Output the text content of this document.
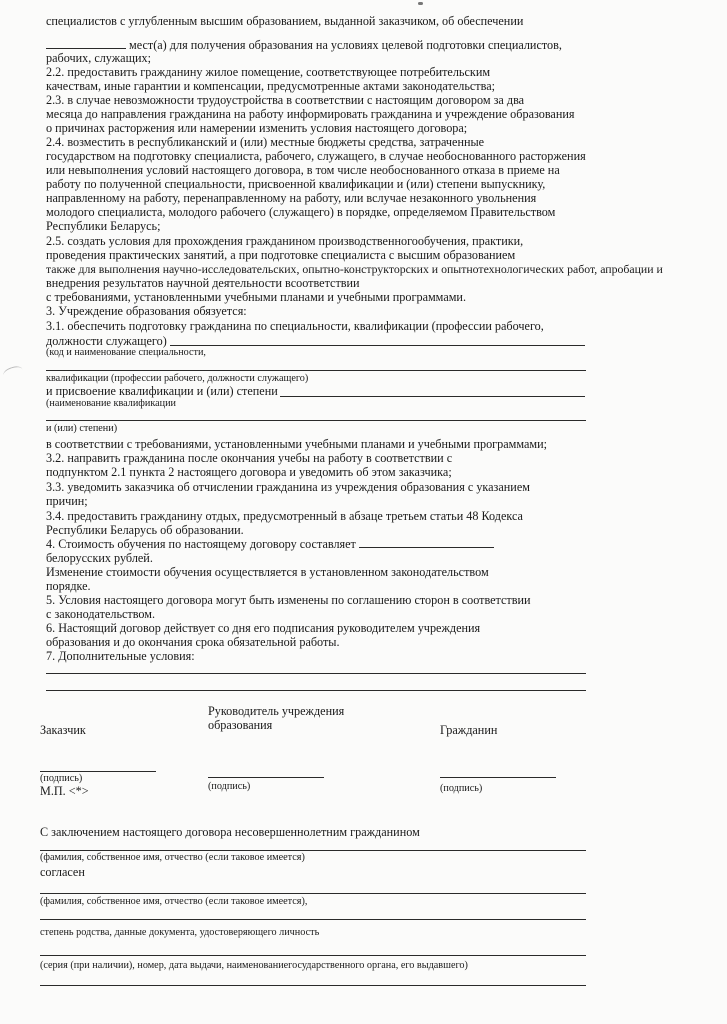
специалистов с углубленным высшим образованием, выданной заказчиком, об обеспечении
мест(а) для получения образования на условиях целевой подготовки специалистов,
рабочих, служащих;
2.2. предоставить гражданину жилое помещение, соответствующее потребительским
качествам, иные гарантии и компенсации, предусмотренные актами законодательства;
2.3. в случае невозможности трудоустройства в соответствии с настоящим договором за два
месяца до направления гражданина на работу информировать гражданина и учреждение образования
о причинах расторжения или намерении изменить условия настоящего договора;
2.4. возместить в республиканский и (или) местные бюджеты средства, затраченные
государством на подготовку специалиста, рабочего, служащего, в случае необоснованного расторжения
или невыполнения условий настоящего договора, в том числе необоснованного отказа в приеме на
работу по полученной специальности, присвоенной квалификации и (или) степени выпускнику,
направленному на работу, перенаправленному на работу, или вслучае незаконного увольнения
молодого специалиста, молодого рабочего (служащего) в порядке, определяемом Правительством
Республики Беларусь;
2.5. создать условия для прохождения гражданином производственногообучения, практики,
проведения практических занятий, а при подготовке специалиста с высшим образованием
также для выполнения научно-исследовательских, опытно-конструкторских и опытнотехнологических работ, апробации и
внедрения результатов научной деятельности всоответствии
с требованиями, установленными учебными планами и учебными программами.
3. Учреждение образования обязуется:
3.1. обеспечить подготовку гражданина по специальности, квалификации (профессии рабочего,
должности служащего)
(код и наименование специальности,
квалификации (профессии рабочего, должности служащего)
и присвоение квалификации и (или) степени
(наименование квалификации
и (или) степени)
в соответствии с требованиями, установленными учебными планами и учебными программами;
3.2. направить гражданина после окончания учебы на работу в соответствии с
подпунктом 2.1 пункта 2 настоящего договора и уведомить об этом заказчика;
3.3. уведомить заказчика об отчислении гражданина из учреждения образования с указанием
причин;
3.4. предоставить гражданину отдых, предусмотренный в абзаце третьем статьи 48 Кодекса
Республики Беларусь об образовании.
4. Стоимость обучения по настоящему договору составляет
белорусских рублей.
Изменение стоимости обучения осуществляется в установленном законодательством
порядке.
5. Условия настоящего договора могут быть изменены по соглашению сторон в соответствии
с законодательством.
6. Настоящий договор действует со дня его подписания руководителем учреждения
образования и до окончания срока обязательной работы.
7. Дополнительные условия:
Заказчик
Руководитель учреждения
образования	Гражданин
(подпись)
М.П. <*>	(подпись)	(подпись)
С заключением настоящего договора несовершеннолетним гражданином
(фамилия, собственное имя, отчество (если таковое имеется)
согласен
(фамилия, собственное имя, отчество (если таковое имеется),
степень родства, данные документа, удостоверяющего личность
(серия (при наличии), номер, дата выдачи, наименованиегосударственного органа, его выдавшего)
